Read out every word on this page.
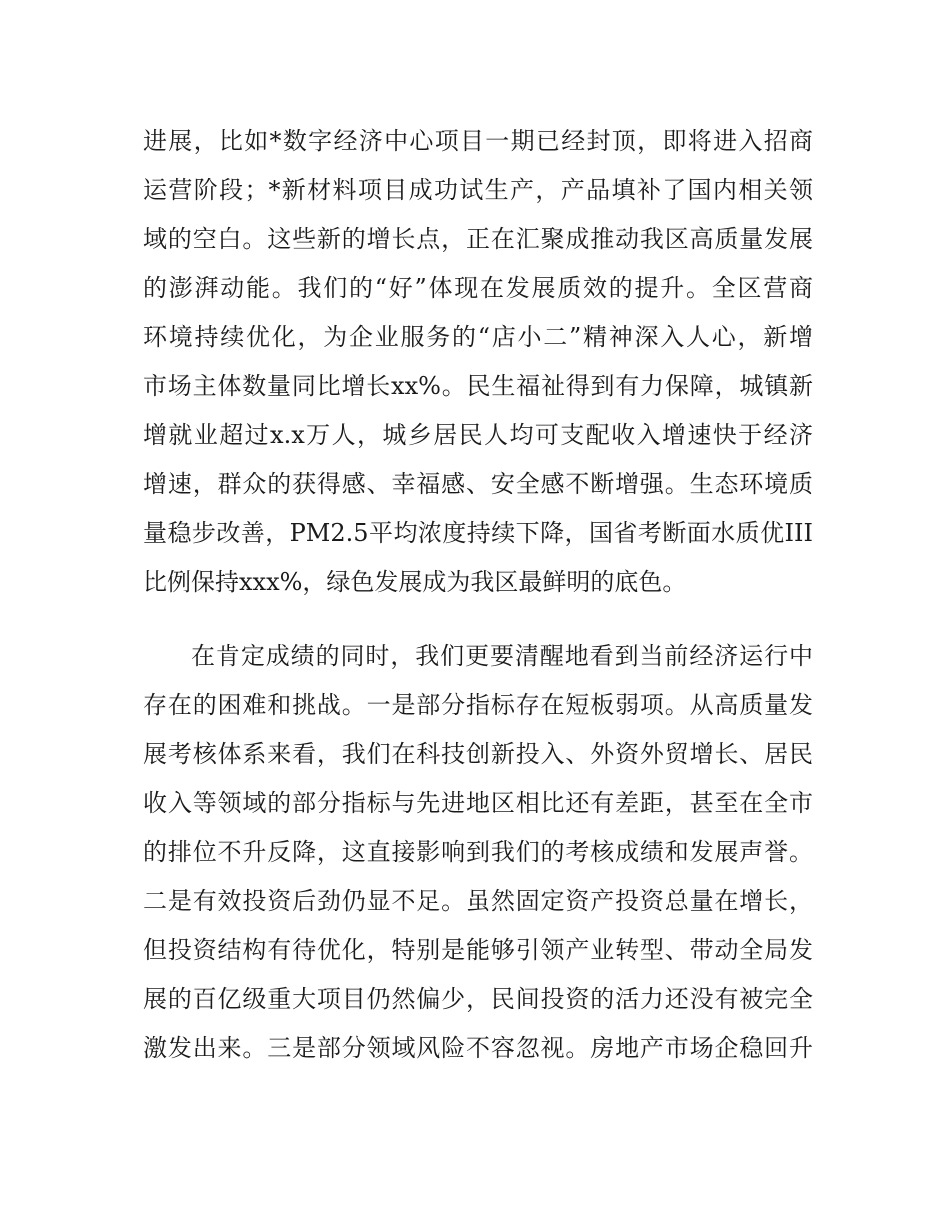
进展，比如*数字经济中心项目一期已经封顶，即将进入招商
运营阶段；*新材料项目成功试生产，产品填补了国内相关领
域的空白。这些新的增长点，正在汇聚成推动我区高质量发展
的澎湃动能。我们的“好”体现在发展质效的提升。全区营商
环境持续优化，为企业服务的“店小二”精神深入人心，新增
市场主体数量同比增长xx%。民生福祉得到有力保障，城镇新
增就业超过x.x万人，城乡居民人均可支配收入增速快于经济
增速，群众的获得感、幸福感、安全感不断增强。生态环境质
量稳步改善，PM2.5平均浓度持续下降，国省考断面水质优III
比例保持xxx%，绿色发展成为我区最鲜明的底色。
在肯定成绩的同时，我们更要清醒地看到当前经济运行中
存在的困难和挑战。一是部分指标存在短板弱项。从高质量发
展考核体系来看，我们在科技创新投入、外资外贸增长、居民
收入等领域的部分指标与先进地区相比还有差距，甚至在全市
的排位不升反降，这直接影响到我们的考核成绩和发展声誉。
二是有效投资后劲仍显不足。虽然固定资产投资总量在增长，
但投资结构有待优化，特别是能够引领产业转型、带动全局发
展的百亿级重大项目仍然偏少，民间投资的活力还没有被完全
激发出来。三是部分领域风险不容忽视。房地产市场企稳回升
